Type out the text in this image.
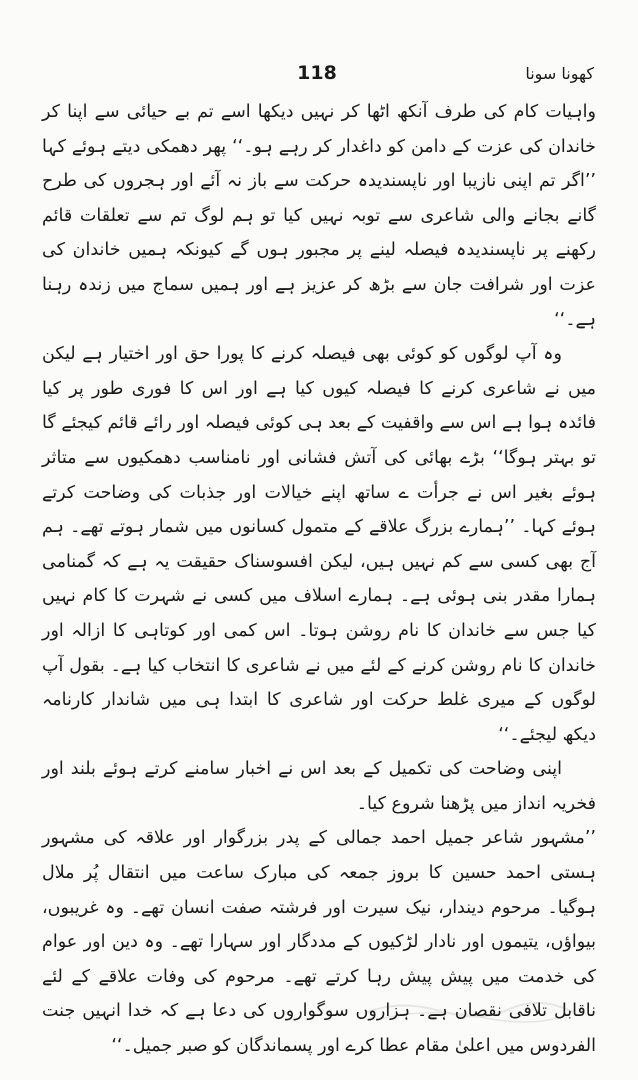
118	کھونا سونا

واہیات کام کی طرف آنکھ اٹھا کر نہیں دیکھا اسے تم بے حیائی سے اپنا کر خاندان کی عزت کے دامن کو داغدار کر رہے ہو۔‘‘ پھر دھمکی دیتے ہوئے کہا ’’اگر تم اپنی نازیبا اور ناپسندیدہ حرکت سے باز نہ آئے اور ہجروں کی طرح گانے بجانے والی شاعری سے توبہ نہیں کیا تو ہم لوگ تم سے تعلقات قائم رکھنے پر ناپسندیدہ فیصلہ لینے پر مجبور ہوں گے کیونکہ ہمیں خاندان کی عزت اور شرافت جان سے بڑھ کر عزیز ہے اور ہمیں سماج میں زندہ رہنا ہے۔‘‘

وہ آپ لوگوں کو کوئی بھی فیصلہ کرنے کا پورا حق اور اختیار ہے لیکن میں نے شاعری کرنے کا فیصلہ کیوں کیا ہے اور اس کا فوری طور پر کیا فائدہ ہوا ہے اس سے واقفیت کے بعد ہی کوئی فیصلہ اور رائے قائم کیجئے گا تو بہتر ہوگا‘‘ بڑے بھائی کی آتش فشانی اور نامناسب دھمکیوں سے متاثر ہوئے بغیر اس نے جرأت ے ساتھ اپنے خیالات اور جذبات کی وضاحت کرتے ہوئے کہا۔ ’’ہمارے بزرگ علاقے کے متمول کسانوں میں شمار ہوتے تھے۔ ہم آج بھی کسی سے کم نہیں ہیں، لیکن افسوسناک حقیقت یہ ہے کہ گمنامی ہمارا مقدر بنی ہوئی ہے۔ ہمارے اسلاف میں کسی نے شہرت کا کام نہیں کیا جس سے خاندان کا نام روشن ہوتا۔ اس کمی اور کوتاہی کا ازالہ اور خاندان کا نام روشن کرنے کے لئے میں نے شاعری کا انتخاب کیا ہے۔ بقول آپ لوگوں کے میری غلط حرکت اور شاعری کا ابتدا ہی میں شاندار کارنامہ دیکھ لیجئے۔‘‘

اپنی وضاحت کی تکمیل کے بعد اس نے اخبار سامنے کرتے ہوئے بلند اور فخریہ انداز میں پڑھنا شروع کیا۔

’’مشہور شاعر جمیل احمد جمالی کے پدر بزرگوار اور علاقہ کی مشہور ہستی احمد حسین کا بروز جمعہ کی مبارک ساعت میں انتقال پُر ملال ہوگیا۔ مرحوم دیندار، نیک سیرت اور فرشتہ صفت انسان تھے۔ وہ غریبوں، بیواؤں، یتیموں اور نادار لڑکیوں کے مددگار اور سہارا تھے۔ وہ دین اور عوام کی خدمت میں پیش پیش رہا کرتے تھے۔ مرحوم کی وفات علاقے کے لئے ناقابل تلافی نقصان ہے۔ ہزاروں سوگواروں کی دعا ہے کہ خدا انہیں جنت الفردوس میں اعلیٰ مقام عطا کرے اور پسماندگان کو صبر جمیل۔‘‘
